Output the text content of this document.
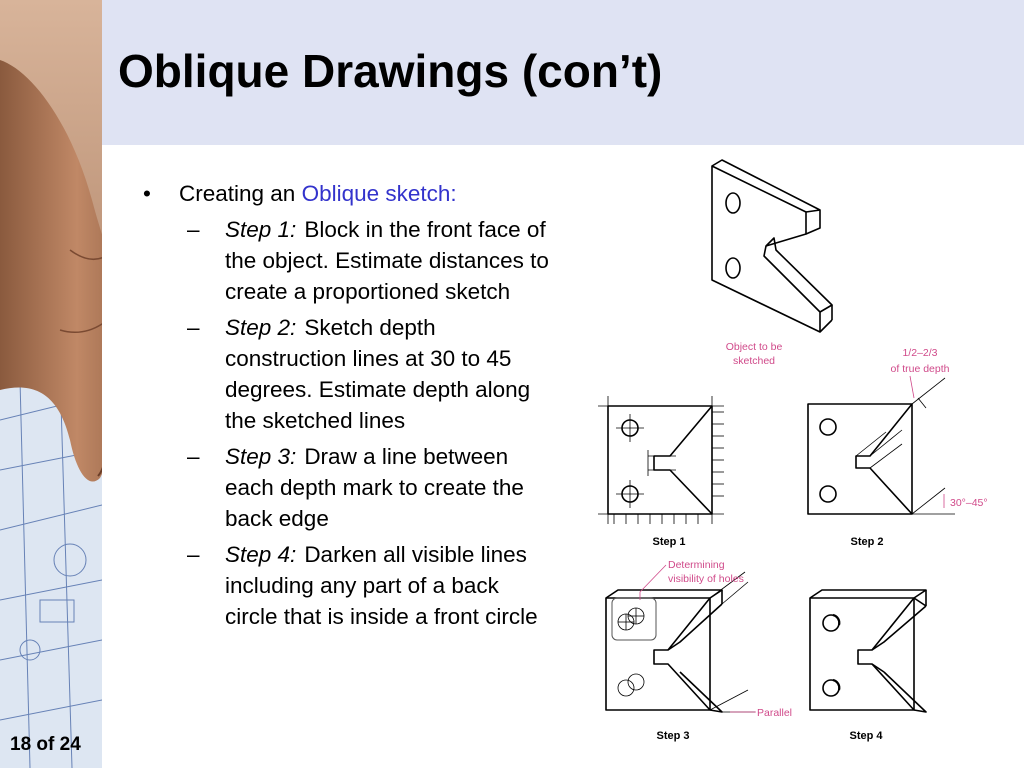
Oblique Drawings (con’t)
•	Creating an Oblique sketch:
–	Step 1: Block in the front face of the object. Estimate distances to create a proportioned sketch
–	Step 2: Sketch depth construction lines at 30 to 45 degrees. Estimate depth along the sketched lines
–	Step 3: Draw a line between each depth mark to create the back edge
–	Step 4: Darken all visible lines including any part of a back circle that is inside a front circle
Object to be
sketched
1/2–2/3
of true depth
30°–45°
Determining
visibility of holes
Parallel
Step 1	Step 2
Step 3	Step 4
18 of 24
